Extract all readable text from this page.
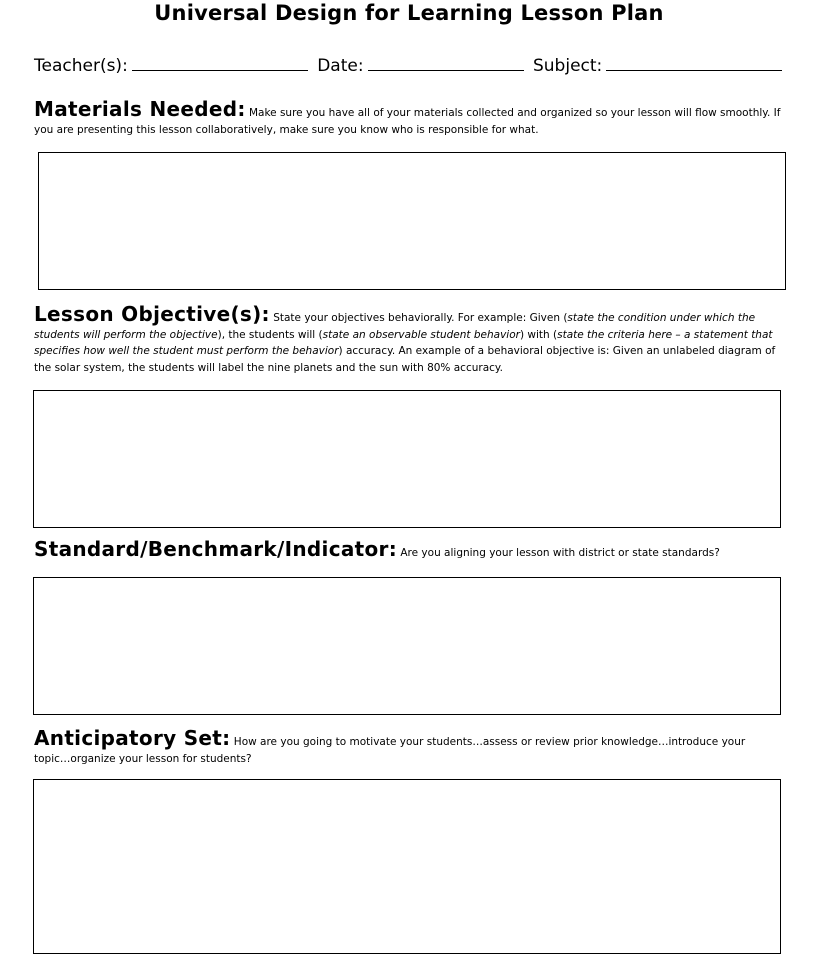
Universal Design for Learning Lesson Plan
Teacher(s):	Date:	Subject:
Materials Needed: Make sure you have all of your materials collected and organized so your lesson will flow smoothly. If you are presenting this lesson collaboratively, make sure you know who is responsible for what.
Lesson Objective(s): State your objectives behaviorally. For example: Given (state the condition under which the students will perform the objective), the students will (state an observable student behavior) with (state the criteria here – a statement that specifies how well the student must perform the behavior) accuracy. An example of a behavioral objective is: Given an unlabeled diagram of the solar system, the students will label the nine planets and the sun with 80% accuracy.
Standard/Benchmark/Indicator: Are you aligning your lesson with district or state standards?
Anticipatory Set: How are you going to motivate your students…assess or review prior knowledge…introduce your topic…organize your lesson for students?
